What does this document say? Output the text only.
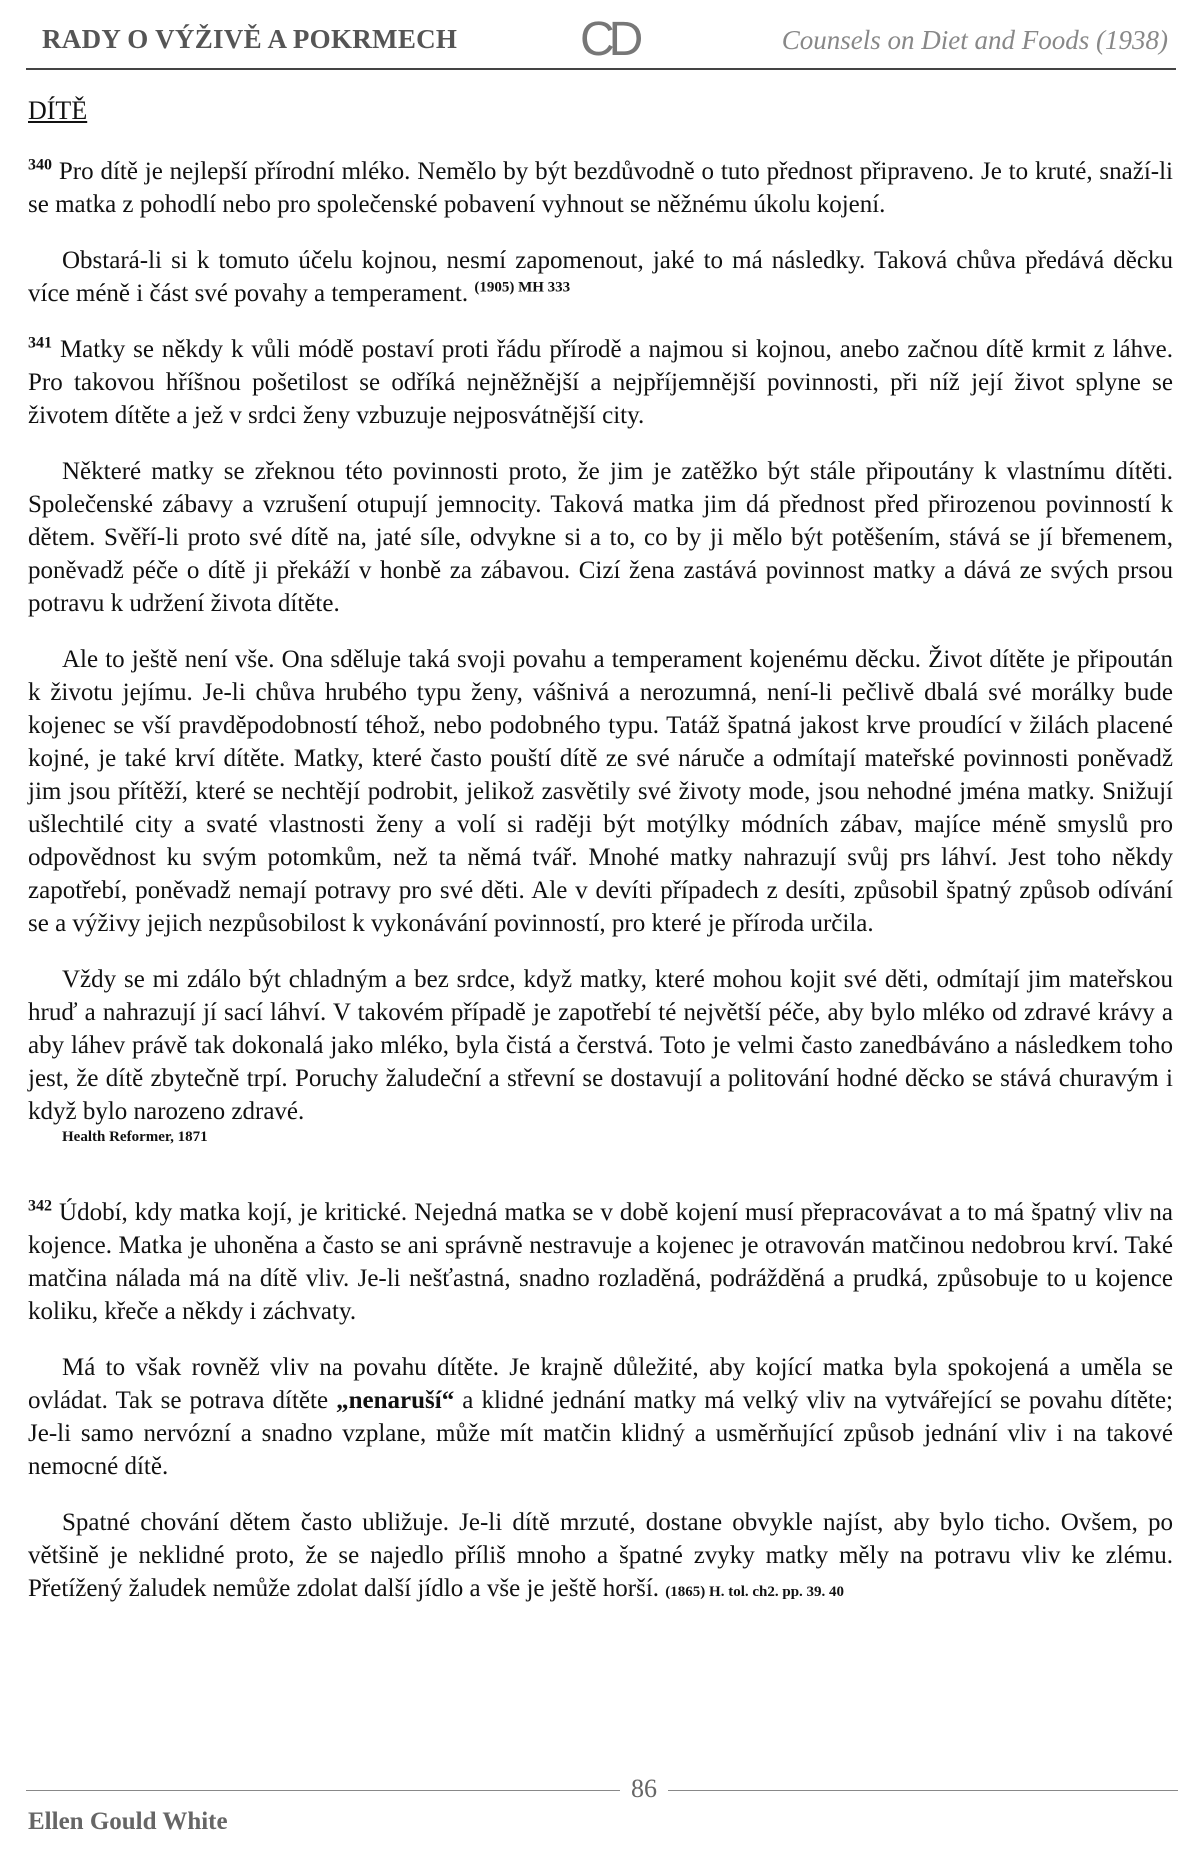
RADY O VÝŽIVĚ A POKRMECH	CD	Counsels on Diet and Foods (1938)
DÍTĚ

$^{340}$ Pro dítě je nejlepší přírodní mléko. Nemělo by být bezdůvodně o tuto přednost připraveno. Je to kruté, snaží-li se matka z pohodlí nebo pro společenské pobavení vyhnout se něžnému úkolu kojení.

Obstará-li si k tomuto účelu kojnou, nesmí zapomenout, jaké to má následky. Taková chůva předává děcku více méně i část své povahy a temperament. $^{(1905) MH 333}$

$^{341}$ Matky se někdy k vůli módě postaví proti řádu přírodě a najmou si kojnou, anebo začnou dítě krmit z láhve. Pro takovou hříšnou pošetilost se odříká nejněžnější a nejpříjemnější povinnosti, při níž její život splyne se životem dítěte a jež v srdci ženy vzbuzuje nejposvátnější city.

Některé matky se zřeknou této povinnosti proto, že jim je zatěžko být stále připoutány k vlastnímu dítěti. Společenské zábavy a vzrušení otupují jemnocity. Taková matka jim dá přednost před přirozenou povinností k dětem. Svěří-li proto své dítě na, jaté síle, odvykne si a to, co by ji mělo být potěšením, stává se jí břemenem, poněvadž péče o dítě ji překáží v honbě za zábavou. Cizí žena zastává povinnost matky a dává ze svých prsou potravu k udržení života dítěte.

Ale to ještě není vše. Ona sděluje taká svoji povahu a temperament kojenému děcku. Život dítěte je připoután k životu jejímu. Je-li chůva hrubého typu ženy, vášnivá a nerozumná, není-li pečlivě dbalá své morálky bude kojenec se vší pravděpodobností téhož, nebo podobného typu. Tatáž špatná jakost krve proudící v žilách placené kojné, je také krví dítěte. Matky, které často pouští dítě ze své náruče a odmítají mateřské povinnosti poněvadž jim jsou přítěží, které se nechtějí podrobit, jelikož zasvětily své životy mode, jsou nehodné jména matky. Snižují ušlechtilé city a svaté vlastnosti ženy a volí si raději být motýlky módních zábav, majíce méně smyslů pro odpovědnost ku svým potomkům, než ta němá tvář. Mnohé matky nahrazují svůj prs láhví. Jest toho někdy zapotřebí, poněvadž nemají potravy pro své děti. Ale v devíti případech z desíti, způsobil špatný způsob odívání se a výživy jejich nezpůsobilost k vykonávání povinností, pro které je příroda určila.

Vždy se mi zdálo být chladným a bez srdce, když matky, které mohou kojit své děti, odmítají jim mateřskou hruď a nahrazují jí sací láhví. V takovém případě je zapotřebí té největší péče, aby bylo mléko od zdravé krávy a aby láhev právě tak dokonalá jako mléko, byla čistá a čerstvá. Toto je velmi často zanedbáváno a následkem toho jest, že dítě zbytečně trpí. Poruchy žaludeční a střevní se dostavují a politování hodné děcko se stává churavým i když bylo narozeno zdravé.
Health Reformer, 1871

$^{342}$ Údobí, kdy matka kojí, je kritické. Nejedná matka se v době kojení musí přepracovávat a to má špatný vliv na kojence. Matka je uhoněna a často se ani správně nestravuje a kojenec je otravován matčinou nedobrou krví. Také matčina nálada má na dítě vliv. Je-li nešťastná, snadno rozladěná, podrážděná a prudká, způsobuje to u kojence koliku, křeče a někdy i záchvaty.

Má to však rovněž vliv na povahu dítěte. Je krajně důležité, aby kojící matka byla spokojená a uměla se ovládat. Tak se potrava dítěte „nenaruší“ a klidné jednání matky má velký vliv na vytvářející se povahu dítěte; Je-li samo nervózní a snadno vzplane, může mít matčin klidný a usměrňující způsob jednání vliv i na takové nemocné dítě.

Spatné chování dětem často ubližuje. Je-li dítě mrzuté, dostane obvykle najíst, aby bylo ticho. Ovšem, po většině je neklidné proto, že se najedlo příliš mnoho a špatné zvyky matky měly na potravu vliv ke zlému. Přetížený žaludek nemůže zdolat další jídlo a vše je ještě horší. (1865) H. tol. ch2. pp. 39. 40

86
Ellen Gould White
